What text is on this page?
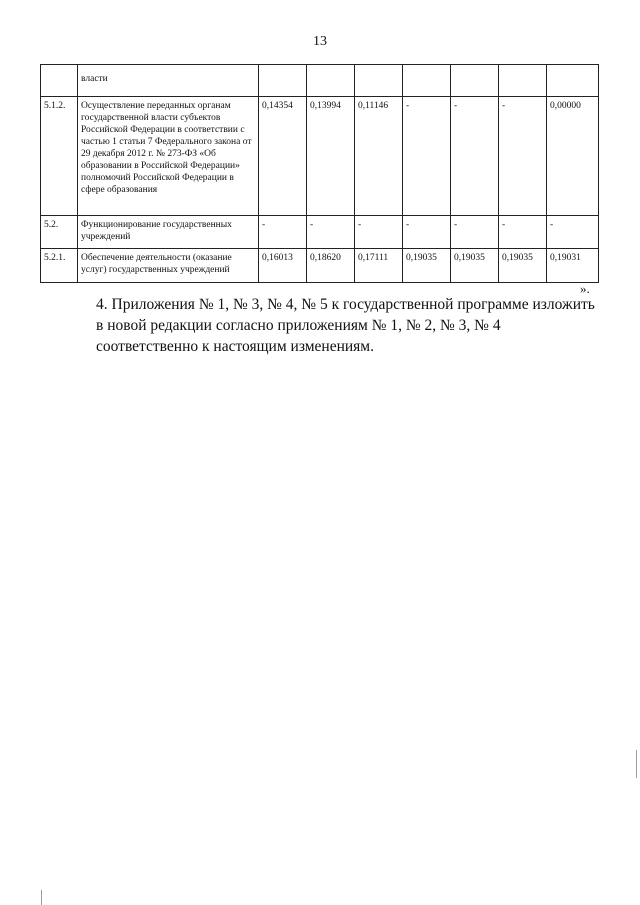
13
	власти							
5.1.2.	Осуществление переданных органам государственной власти субъектов Российской Федерации в соответствии с частью 1 статьи 7 Федерального закона от 29 декабря 2012 г. № 273-ФЗ «Об образовании в Российской Федерации» полномочий Российской Федерации в сфере образования	0,14354	0,13994	0,11146	-	-	-	0,00000
5.2.	Функционирование государственных учреждений	-	-	-	-	-	-	-
5.2.1.	Обеспечение деятельности (оказание услуг) государственных учреждений	0,16013	0,18620	0,17111	0,19035	0,19035	0,19035	0,19031
».

4. Приложения № 1, № 3, № 4, № 5 к государственной программе изложить в новой редакции согласно приложениям № 1, № 2, № 3, № 4 соответственно к настоящим изменениям.
